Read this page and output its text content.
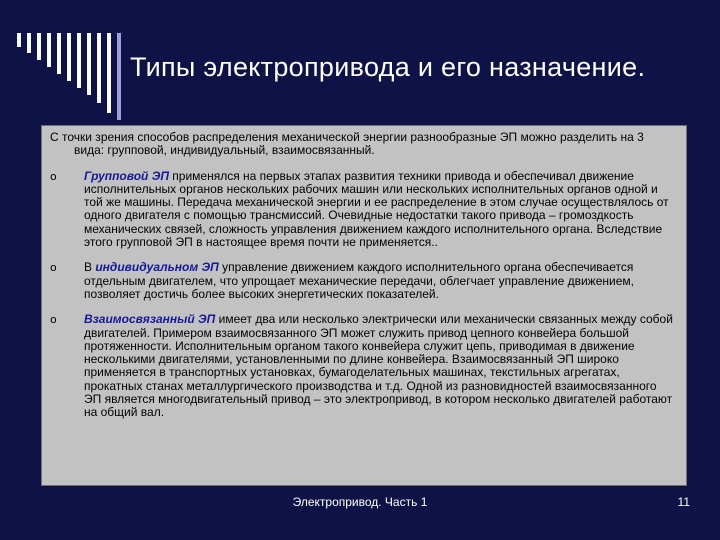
Типы электропривода и его назначение.

С точки зрения способов распределения механической энергии разнообразные ЭП можно разделить на 3 вида: групповой, индивидуальный, взаимосвязанный.

o	Групповой ЭП применялся на первых этапах развития техники привода и обеспечивал движение исполнительных органов нескольких рабочих машин или нескольких исполнительных органов одной и той же машины. Передача механической энергии и ее распределение в этом случае осуществлялось от одного двигателя с помощью трансмиссий. Очевидные недостатки такого привода – громоздкость механических связей, сложность управления движением каждого исполнительного органа. Вследствие этого групповой ЭП в настоящее время почти не применяется..
o	В индивидуальном ЭП управление движением каждого исполнительного органа обеспечивается отдельным двигателем, что упрощает механические передачи, облегчает управление движением, позволяет достичь более высоких энергетических показателей.
o	Взаимосвязанный ЭП имеет два или несколько электрически или механически связанных между собой двигателей. Примером взаимосвязанного ЭП может служить привод цепного конвейера большой протяженности. Исполнительным органом такого конвейера служит цепь, приводимая в движение несколькими двигателями, установленными по длине конвейера. Взаимосвязанный ЭП широко применяется в транспортных установках, бумагоделательных машинах, текстильных агрегатах, прокатных станах металлургического производства и т.д. Одной из разновидностей взаимосвязанного ЭП является многодвигательный привод – это электропривод, в котором несколько двигателей работают на общий вал.
Электропривод. Часть 1	11
